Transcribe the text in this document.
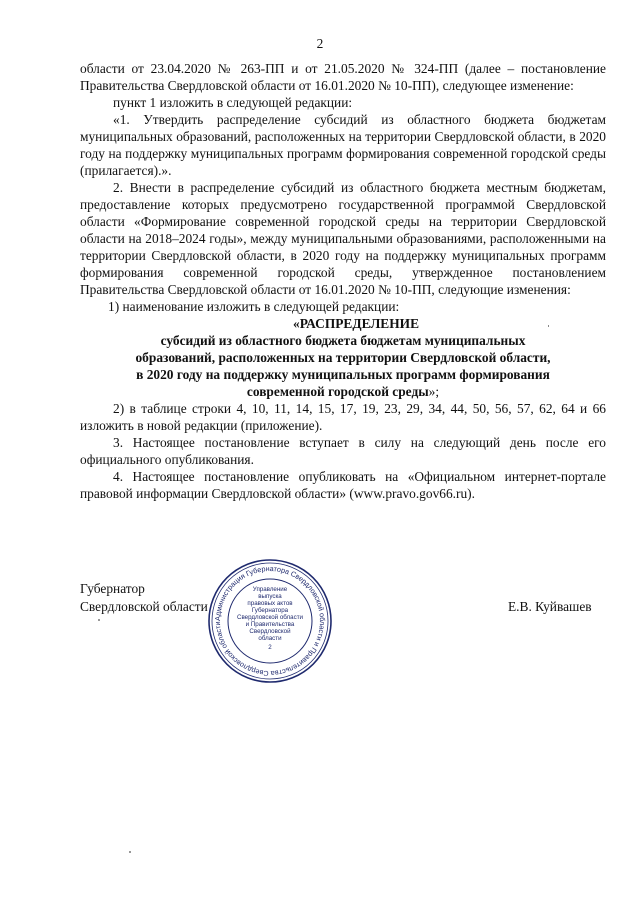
2

области от 23.04.2020 № 263-ПП и от 21.05.2020 № 324-ПП (далее – постановление Правительства Свердловской области от 16.01.2020 № 10-ПП), следующее изменение:

пункт 1 изложить в следующей редакции:

«1. Утвердить распределение субсидий из областного бюджета бюджетам муниципальных образований, расположенных на территории Свердловской области, в 2020 году на поддержку муниципальных программ формирования современной городской среды (прилагается).».

2. Внести в распределение субсидий из областного бюджета местным бюджетам, предоставление которых предусмотрено государственной программой Свердловской области «Формирование современной городской среды на территории Свердловской области на 2018–2024 годы», между муниципальными образованиями, расположенными на территории Свердловской области, в 2020 году на поддержку муниципальных программ формирования современной городской среды, утвержденное постановлением Правительства Свердловской области от 16.01.2020 № 10-ПП, следующие изменения:

1) наименование изложить в следующей редакции:

«РАСПРЕДЕЛЕНИЕ
субсидий из областного бюджета бюджетам муниципальных
образований, расположенных на территории Свердловской области,
в 2020 году на поддержку муниципальных программ формирования
современной городской среды»;

2) в таблице строки 4, 10, 11, 14, 15, 17, 19, 23, 29, 34, 44, 50, 56, 57, 62, 64 и 66 изложить в новой редакции (приложение).

3. Настоящее постановление вступает в силу на следующий день после его официального опубликования.

4. Настоящее постановление опубликовать на «Официальном интернет-портале правовой информации Свердловской области» (www.pravo.gov66.ru).

Губернатор
Свердловской области	Е.В. Куйвашев
Администрация Губернатора Свердловской области и Правительства Свердловской области
Управление
выпуска
правовых актов
Губернатора
Свердловской области
и Правительства
Свердловской
области
2
